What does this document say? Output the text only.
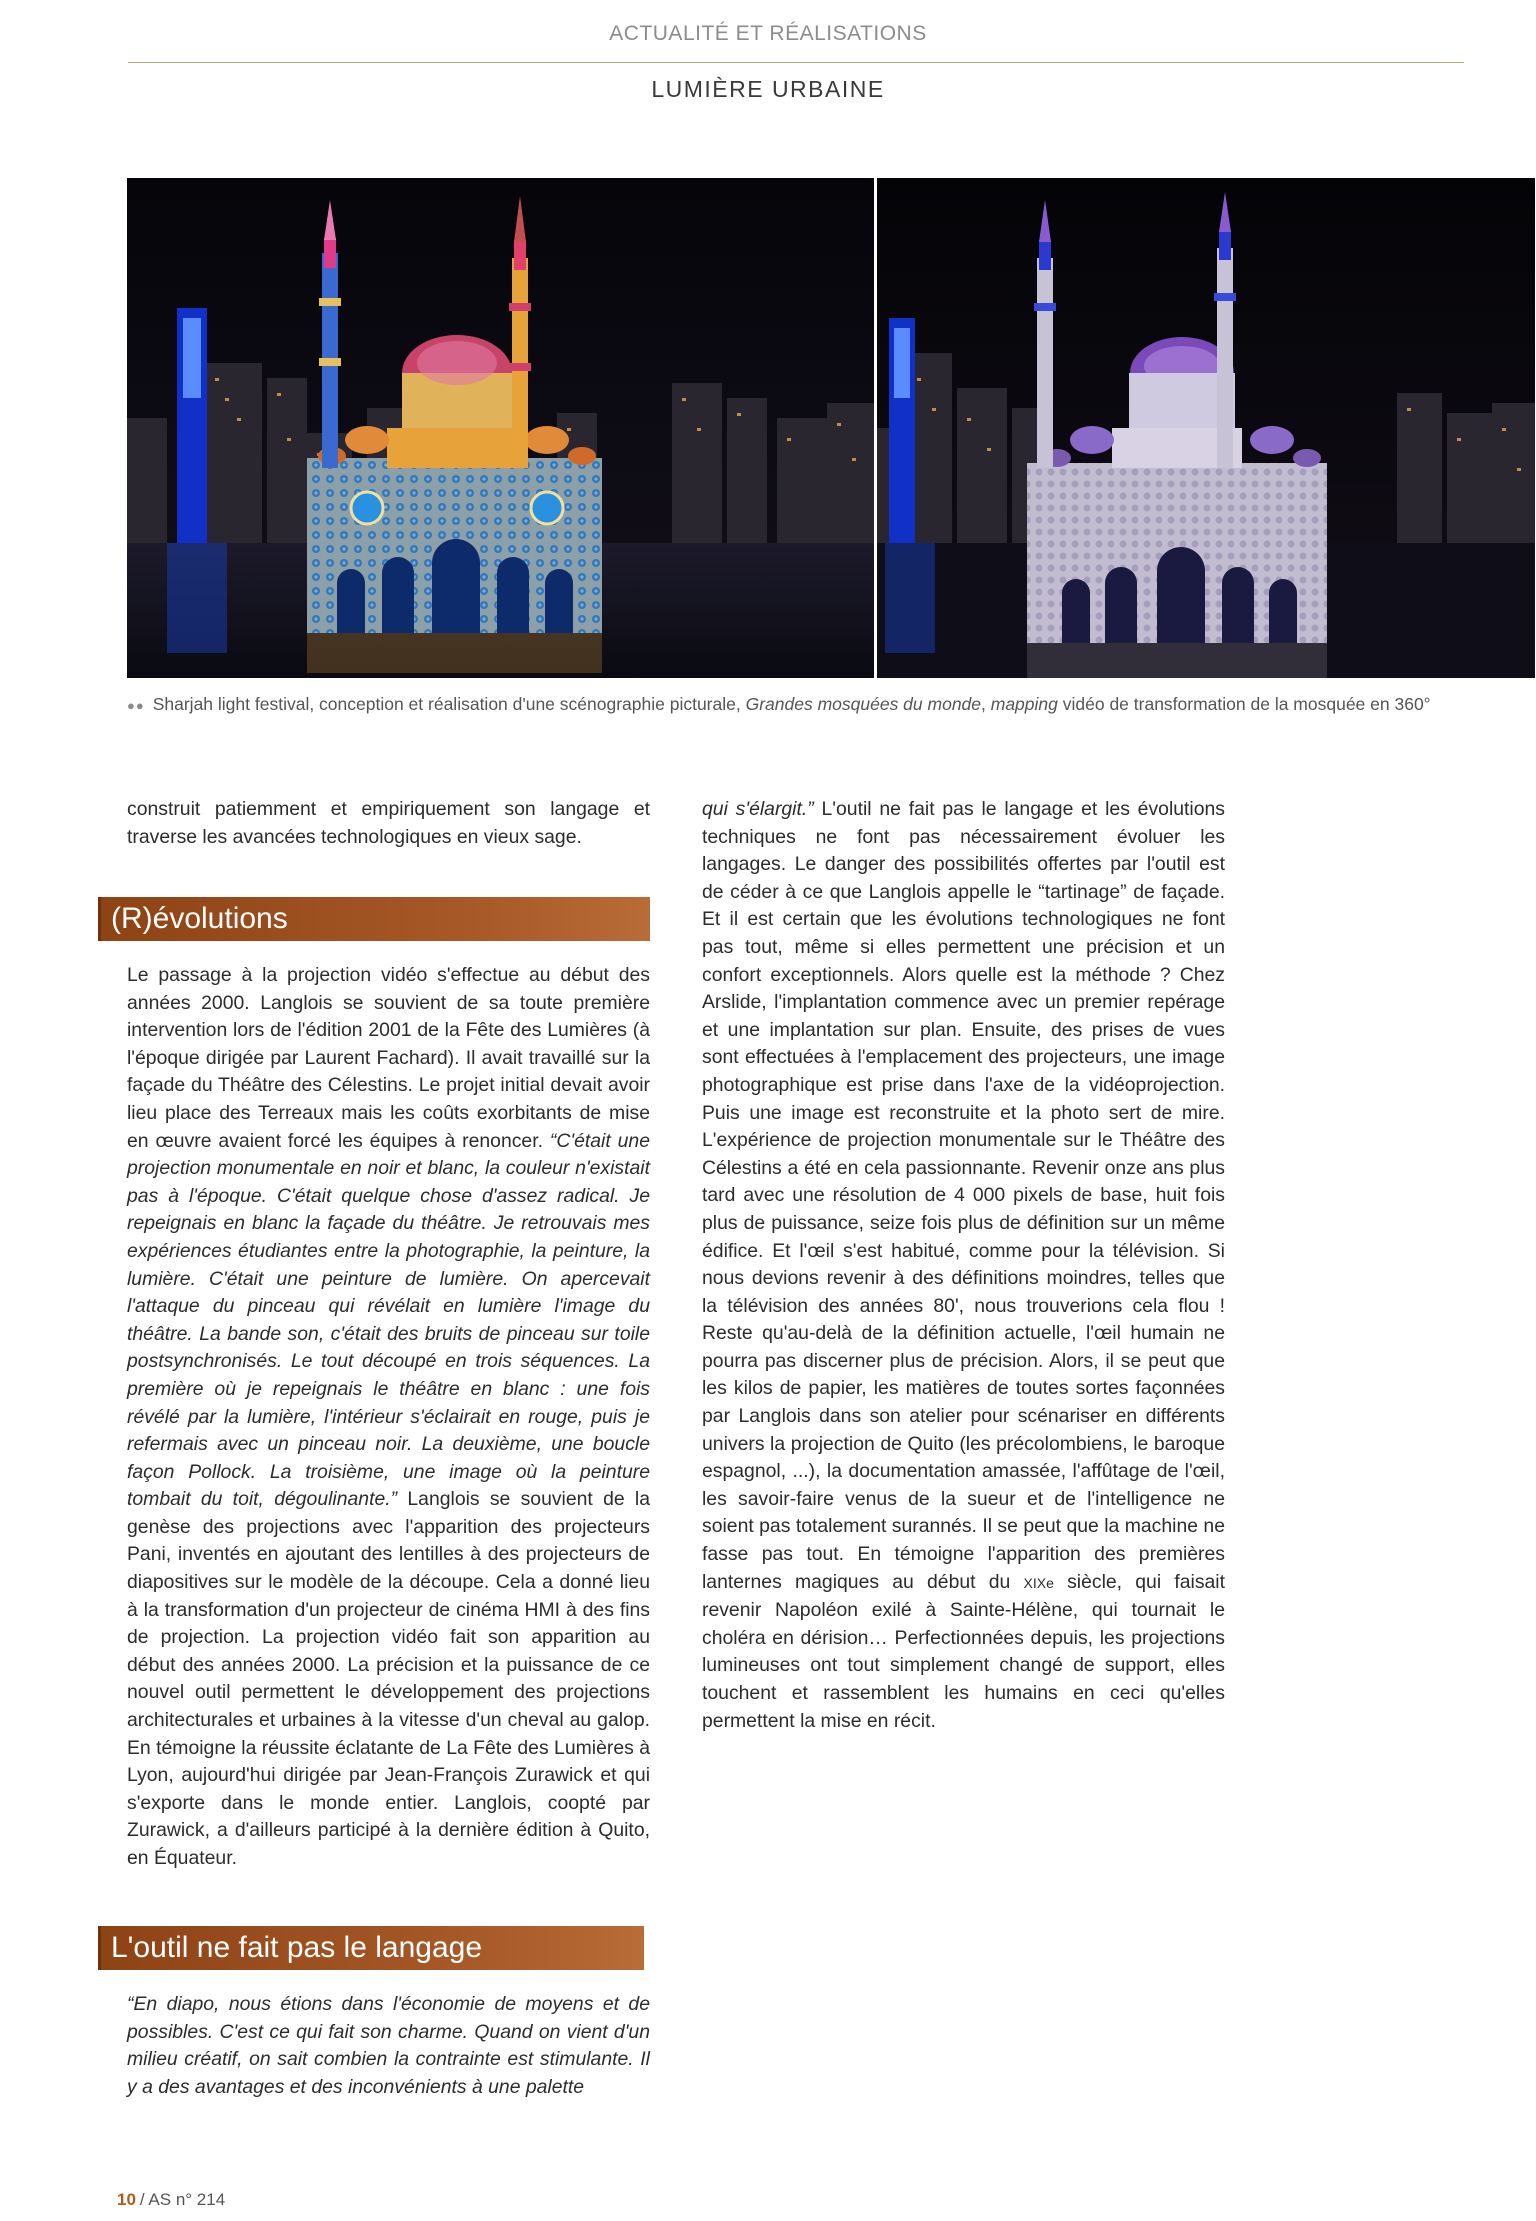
ACTUALITÉ ET RÉALISATIONS
LUMIÈRE URBAINE
●● Sharjah light festival, conception et réalisation d'une scénographie picturale, Grandes mosquées du monde, mapping vidéo de transformation de la mosquée en 360°

construit patiemment et empiriquement son langage et traverse les avancées technologiques en vieux sage.

(R)évolutions

Le passage à la projection vidéo s'effectue au début des années 2000. Langlois se souvient de sa toute première intervention lors de l'édition 2001 de la Fête des Lumières (à l'époque dirigée par Laurent Fachard). Il avait travaillé sur la façade du Théâtre des Célestins. Le projet initial devait avoir lieu place des Terreaux mais les coûts exorbitants de mise en œuvre avaient forcé les équipes à renoncer. “C'était une projection monumentale en noir et blanc, la couleur n'existait pas à l'époque. C'était quelque chose d'assez radical. Je repeignais en blanc la façade du théâtre. Je retrouvais mes expériences étudiantes entre la photographie, la peinture, la lumière. C'était une peinture de lumière. On apercevait l'attaque du pinceau qui révélait en lumière l'image du théâtre. La bande son, c'était des bruits de pinceau sur toile postsynchronisés. Le tout découpé en trois séquences. La première où je repeignais le théâtre en blanc : une fois révélé par la lumière, l'intérieur s'éclairait en rouge, puis je refermais avec un pinceau noir. La deuxième, une boucle façon Pollock. La troisième, une image où la peinture tombait du toit, dégoulinante.” Langlois se souvient de la genèse des projections avec l'apparition des projecteurs Pani, inventés en ajoutant des lentilles à des projecteurs de diapositives sur le modèle de la découpe. Cela a donné lieu à la transformation d'un projecteur de cinéma HMI à des fins de projection. La projection vidéo fait son apparition au début des années 2000. La précision et la puissance de ce nouvel outil permettent le développement des projections architecturales et urbaines à la vitesse d'un cheval au galop. En témoigne la réussite éclatante de La Fête des Lumières à Lyon, aujourd'hui dirigée par Jean-François Zurawick et qui s'exporte dans le monde entier. Langlois, coopté par Zurawick, a d'ailleurs participé à la dernière édition à Quito, en Équateur.

L'outil ne fait pas le langage

“En diapo, nous étions dans l'économie de moyens et de possibles. C'est ce qui fait son charme. Quand on vient d'un milieu créatif, on sait combien la contrainte est stimulante. Il y a des avantages et des inconvénients à une palette

qui s'élargit.” L'outil ne fait pas le langage et les évolutions techniques ne font pas nécessairement évoluer les langages. Le danger des possibilités offertes par l'outil est de céder à ce que Langlois appelle le “tartinage” de façade. Et il est certain que les évolutions technologiques ne font pas tout, même si elles permettent une précision et un confort exceptionnels. Alors quelle est la méthode ? Chez Arslide, l'implantation commence avec un premier repérage et une implantation sur plan. Ensuite, des prises de vues sont effectuées à l'emplacement des projecteurs, une image photographique est prise dans l'axe de la vidéoprojection. Puis une image est reconstruite et la photo sert de mire. L'expérience de projection monumentale sur le Théâtre des Célestins a été en cela passionnante. Revenir onze ans plus tard avec une résolution de 4 000 pixels de base, huit fois plus de puissance, seize fois plus de définition sur un même édifice. Et l'œil s'est habitué, comme pour la télévision. Si nous devions revenir à des définitions moindres, telles que la télévision des années 80', nous trouverions cela flou ! Reste qu'au-delà de la définition actuelle, l'œil humain ne pourra pas discerner plus de précision. Alors, il se peut que les kilos de papier, les matières de toutes sortes façonnées par Langlois dans son atelier pour scénariser en différents univers la projection de Quito (les précolombiens, le baroque espagnol, ...), la documentation amassée, l'affûtage de l'œil, les savoir-faire venus de la sueur et de l'intelligence ne soient pas totalement surannés. Il se peut que la machine ne fasse pas tout. En témoigne l'apparition des premières lanternes magiques au début du XIXe siècle, qui faisait revenir Napoléon exilé à Sainte-Hélène, qui tournait le choléra en dérision… Perfectionnées depuis, les projections lumineuses ont tout simplement changé de support, elles touchent et rassemblent les humains en ceci qu'elles permettent la mise en récit.

10 / AS n° 214
